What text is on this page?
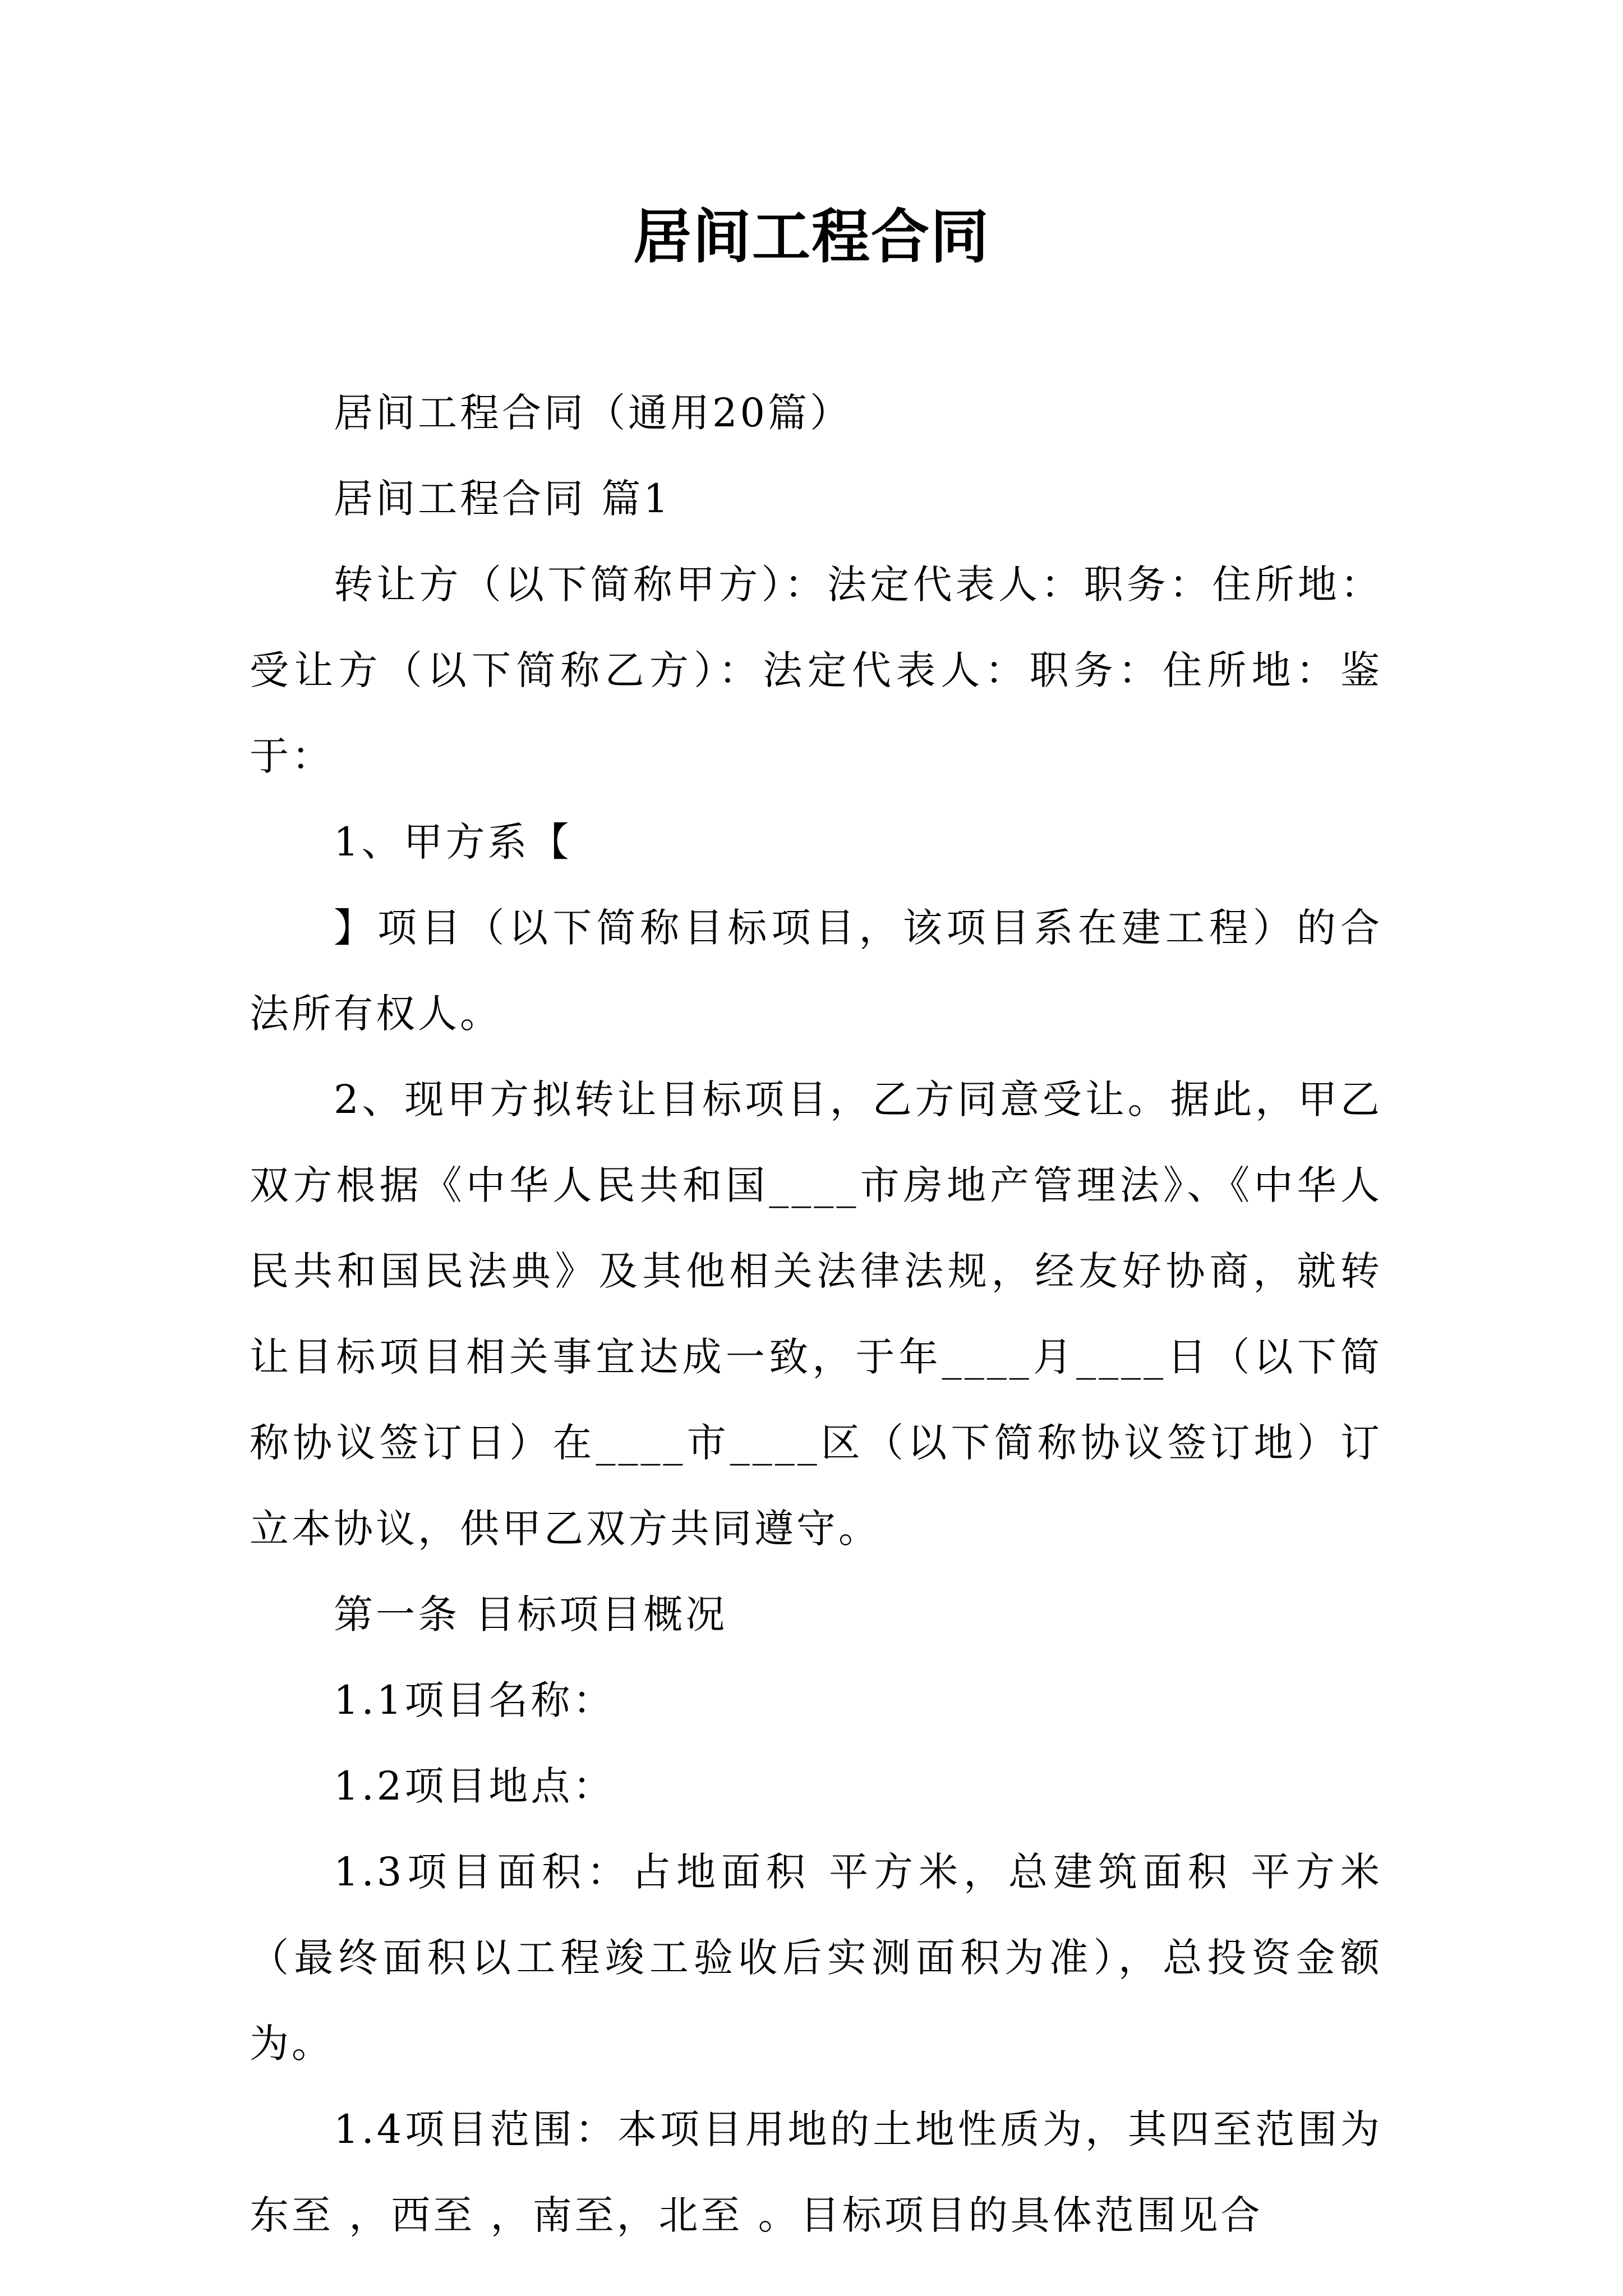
居间工程合同

居间工程合同（通用20篇）

居间工程合同 篇1

转让方（以下简称甲方）：法定代表人：职务：住所地：受让方（以下简称乙方）：法定代表人：职务：住所地：鉴于：

1、甲方系【

】项目（以下简称目标项目，该项目系在建工程）的合法所有权人。

2、现甲方拟转让目标项目，乙方同意受让。据此，甲乙双方根据《中华人民共和国____市房地产管理法》、《中华人民共和国民法典》及其他相关法律法规，经友好协商，就转让目标项目相关事宜达成一致，于年____月____日（以下简称协议签订日）在____市____区（以下简称协议签订地）订立本协议，供甲乙双方共同遵守。

第一条 目标项目概况

1.1项目名称：

1.2项目地点：

1.3项目面积：占地面积 平方米，总建筑面积 平方米（最终面积以工程竣工验收后实测面积为准），总投资金额为。

1.4项目范围：本项目用地的土地性质为，其四至范围为东至 ，西至 ，南至，北至 。目标项目的具体范围见合
